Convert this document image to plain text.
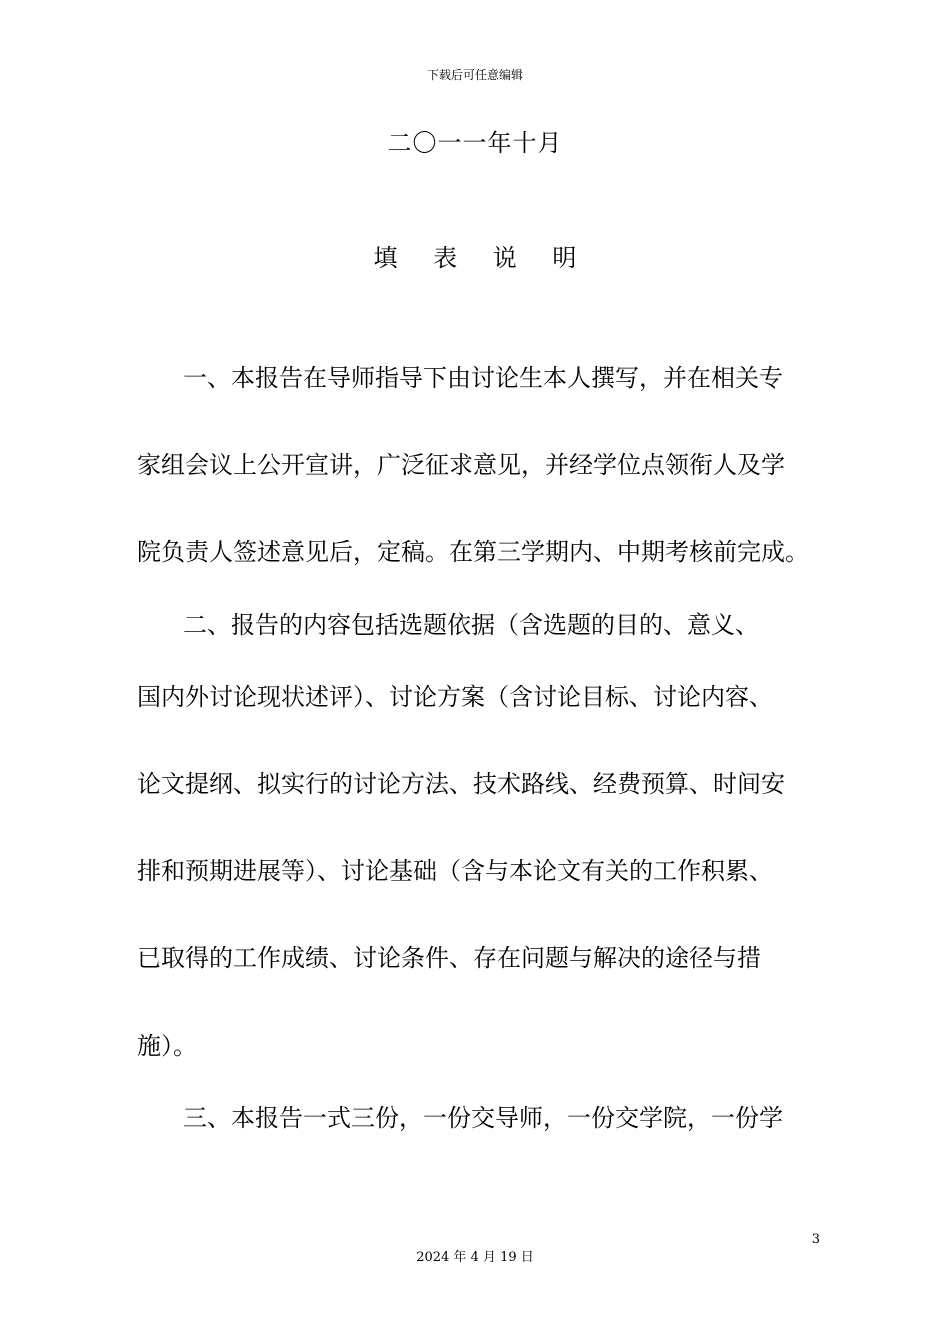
下载后可任意编辑
二〇一一年十月
填 表 说 明
一、本报告在导师指导下由讨论生本人撰写，并在相关专
家组会议上公开宣讲，广泛征求意见，并经学位点领衔人及学
院负责人签述意见后，定稿。在第三学期内、中期考核前完成。
二、报告的内容包括选题依据（含选题的目的、意义、
国内外讨论现状述评）、讨论方案（含讨论目标、讨论内容、
论文提纲、拟实行的讨论方法、技术路线、经费预算、时间安
排和预期进展等）、讨论基础（含与本论文有关的工作积累、
已取得的工作成绩、讨论条件、存在问题与解决的途径与措
施）。
三、本报告一式三份，一份交导师，一份交学院，一份学
3
2024 年 4 月 19 日
